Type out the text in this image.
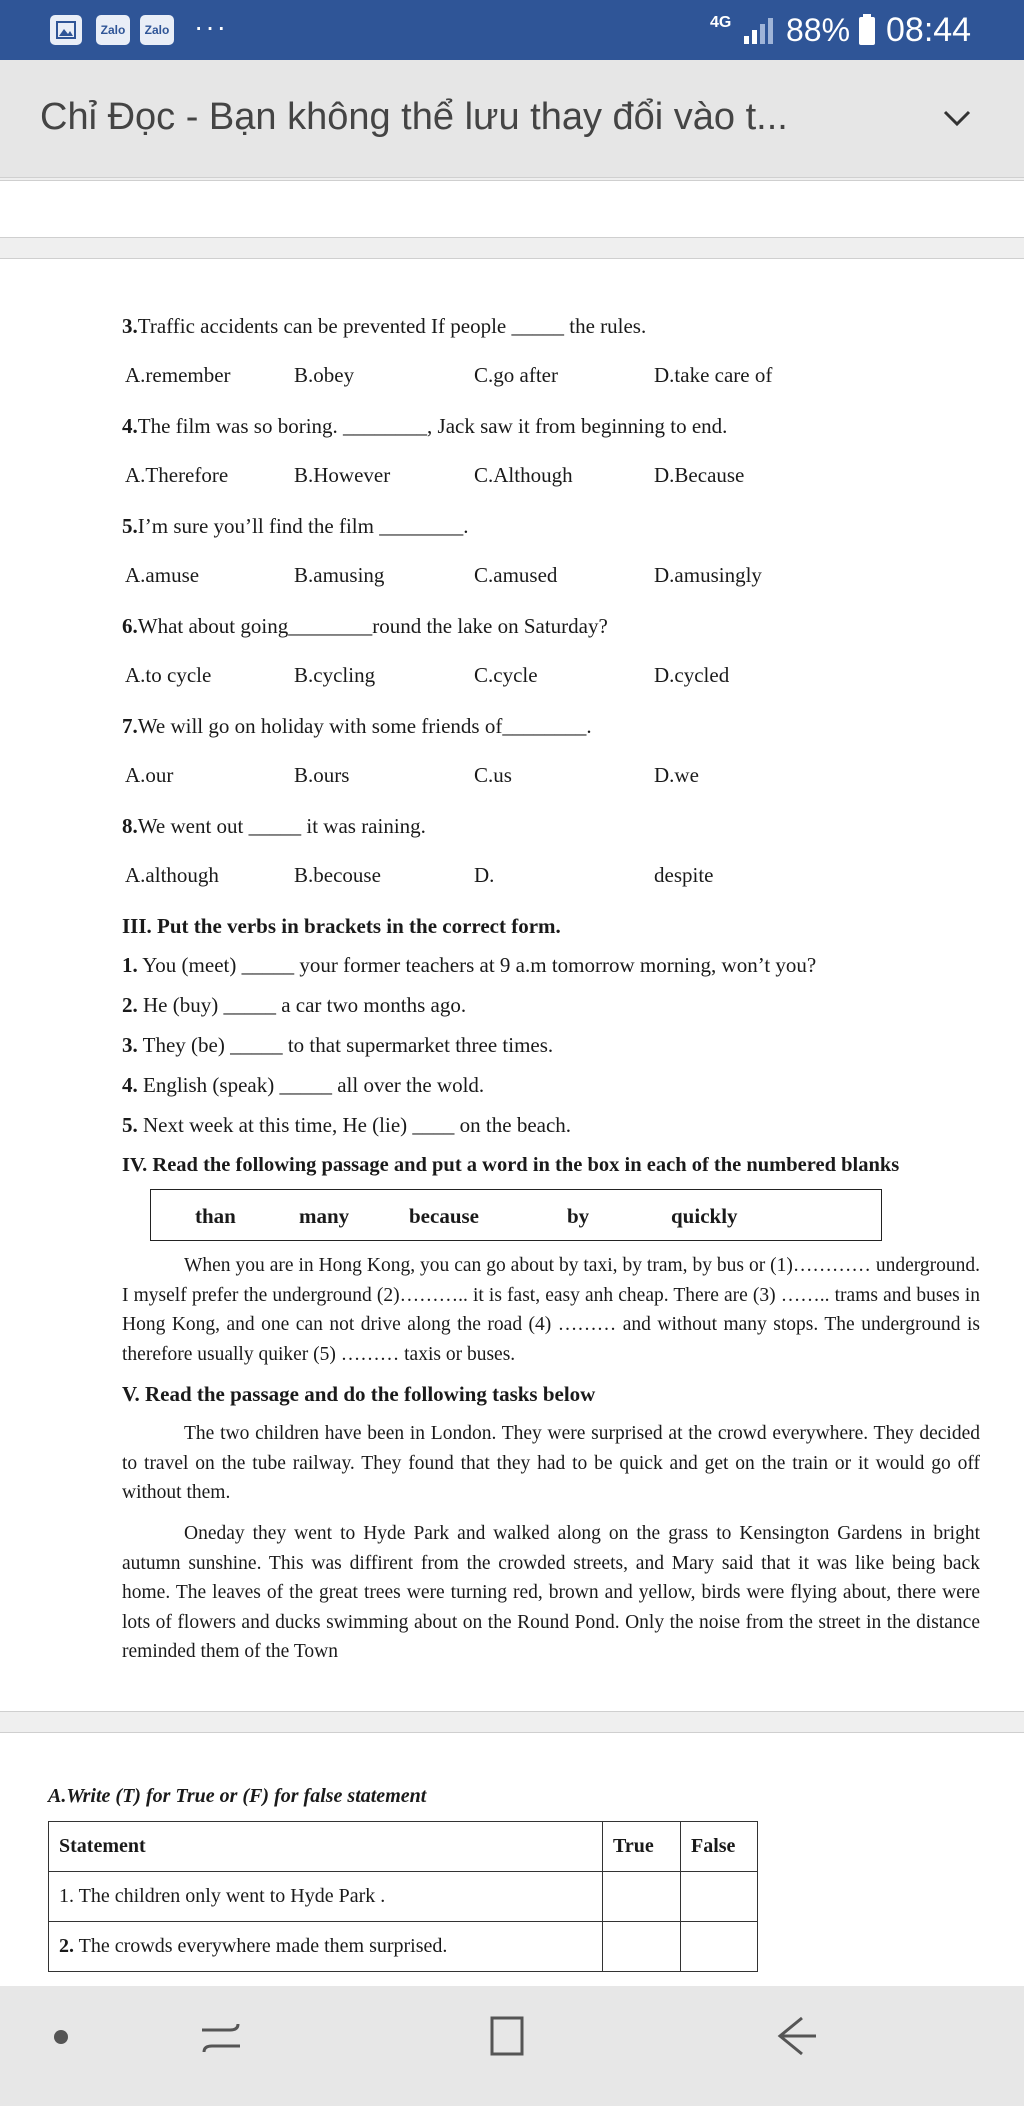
Zalo	Zalo ···	4G 88% 08:44
Chỉ Đọc - Bạn không thể lưu thay đổi vào t...
3.Traffic accidents can be prevented If people _____ the rules.
A.remember	B.obey	C.go after	D.take care of
4.The film was so boring. ________, Jack saw it from beginning to end.
A.Therefore	B.However	C.Although	D.Because
5.I’m sure you’ll find the film ________.
A.amuse	B.amusing	C.amused	D.amusingly
6.What about going________round the lake on Saturday?
A.to cycle	B.cycling	C.cycle	D.cycled
7.We will go on holiday with some friends of________.
A.our	B.ours	C.us	D.we
8.We went out _____ it was raining.
A.although	B.becouse	D.	despite
III. Put the verbs in brackets in the correct form.
1. You (meet) _____ your former teachers at 9 a.m tomorrow morning, won’t you?
2. He (buy) _____ a car two months ago.
3. They (be) _____ to that supermarket three times.
4. English (speak) _____ all over the wold.
5. Next week at this time, He (lie) ____ on the beach.
IV. Read the following passage and put a word in the box in each of the numbered blanks
than	many	because	by	quickly
When you are in Hong Kong, you can go about by taxi, by tram, by bus or (1)………… underground. I myself prefer the underground (2)……….. it is fast, easy anh cheap. There are (3) …….. trams and buses in Hong Kong, and one can not drive along the road (4) ……… and without many stops. The underground is therefore usually quiker (5) ……… taxis or buses.
V. Read the passage and do the following tasks below
The two children have been in London. They were surprised at the crowd everywhere. They decided to travel on the tube railway. They found that they had to be quick and get on the train or it would go off without them.
Oneday they went to Hyde Park and walked along on the grass to Kensington Gardens in bright autumn sunshine. This was diffirent from the crowded streets, and Mary said that it was like being back home. The leaves of the great trees were turning red, brown and yellow, birds were flying about, there were lots of flowers and ducks swimming about on the Round Pond. Only the noise from the street in the distance reminded them of the Town
A.Write (T) for True or (F) for false statement
Statement	True	False
1. The children only went to Hyde Park .		
2. The crowds everywhere made them surprised.		
